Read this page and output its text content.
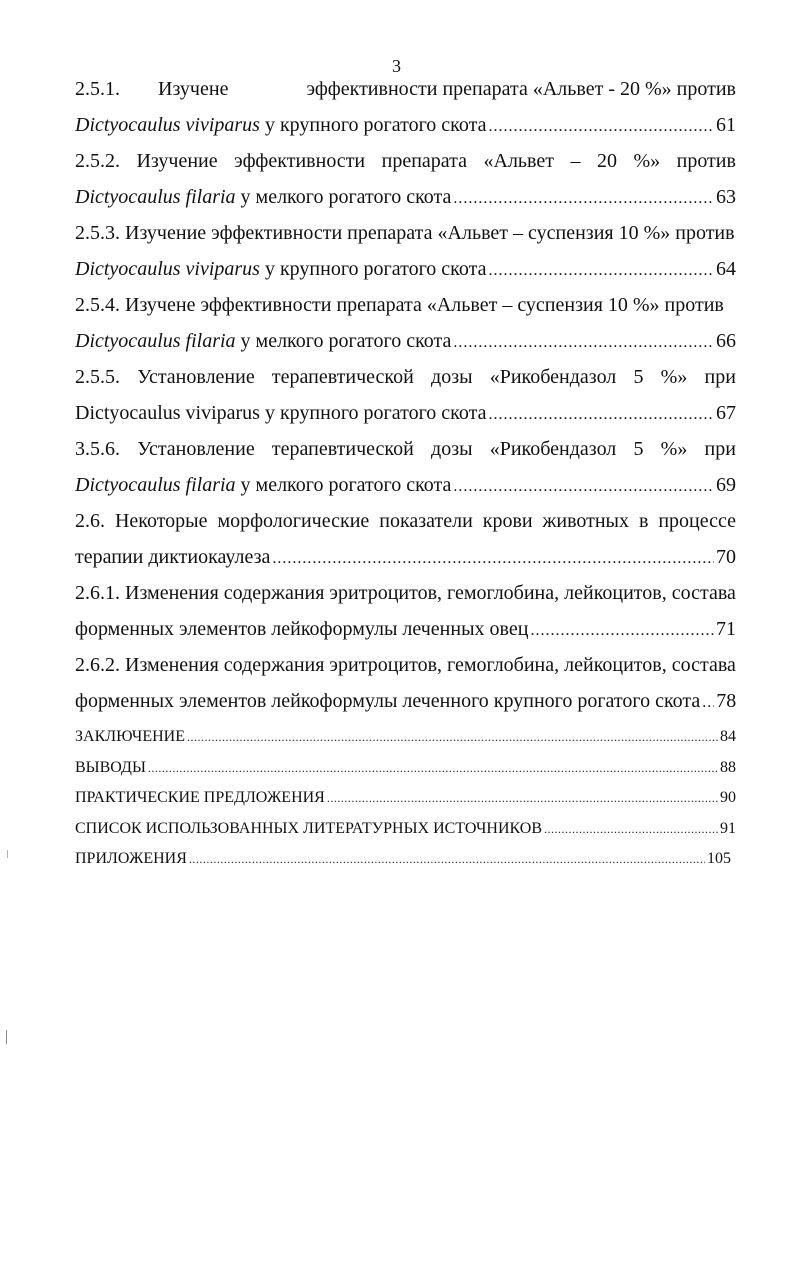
3
2.5.1. Изучене	эффективности препарата «Альвет - 20 %» против
Dictyocaulus viviparus у крупного рогатого скота .....	61
2.5.2. Изучение эффективности препарата «Альвет – 20 %» против
Dictyocaulus filaria у мелкого рогатого скота .....	63
2.5.3. Изучение эффективности препарата «Альвет – суспензия 10 %» против
Dictyocaulus viviparus у крупного рогатого скота .....	64
2.5.4. Изучене эффективности препарата «Альвет – суспензия 10 %» против
Dictyocaulus filaria у мелкого рогатого скота .....	66
2.5.5. Установление терапевтической дозы «Рикобендазол 5 %» при
Dictyocaulus viviparus у крупного рогатого скота .....	67
3.5.6. Установление терапевтической дозы «Рикобендазол 5 %» при
Dictyocaulus filaria у мелкого рогатого скота .....	69
2.6. Некоторые морфологические показатели крови животных в процессе
терапии диктиокаулеза .....	70
2.6.1. Изменения содержания эритроцитов, гемоглобина, лейкоцитов, состава
форменных элементов лейкоформулы леченных овец .....	71
2.6.2. Изменения содержания эритроцитов, гемоглобина, лейкоцитов, состава
форменных элементов лейкоформулы леченного крупного рогатого скота ..... 78
ЗАКЛЮЧЕНИЕ .....	84
ВЫВОДЫ .....	88
ПРАКТИЧЕСКИЕ ПРЕДЛОЖЕНИЯ .....	90
СПИСОК ИСПОЛЬЗОВАННЫХ ЛИТЕРАТУРНЫХ ИСТОЧНИКОВ .....	91
ПРИЛОЖЕНИЯ .....	105
